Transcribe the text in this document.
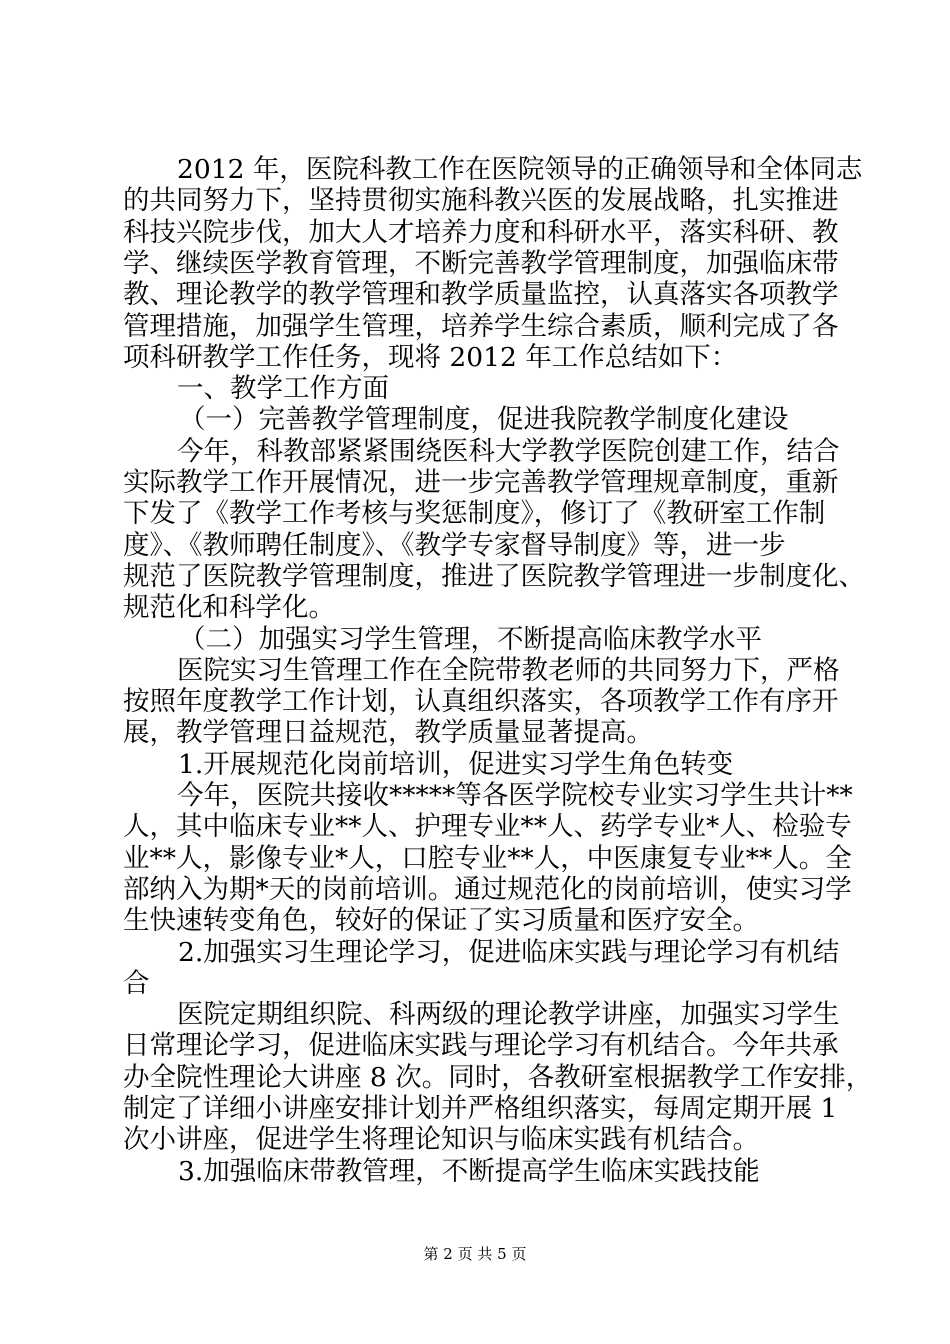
2012 年，医院科教工作在医院领导的正确领导和全体同志

的共同努力下，坚持贯彻实施科教兴医的发展战略，扎实推进

科技兴院步伐，加大人才培养力度和科研水平，落实科研、教

学、继续医学教育管理，不断完善教学管理制度，加强临床带

教、理论教学的教学管理和教学质量监控，认真落实各项教学

管理措施，加强学生管理，培养学生综合素质，顺利完成了各

项科研教学工作任务，现将 2012 年工作总结如下：

一、教学工作方面

（一）完善教学管理制度，促进我院教学制度化建设

今年，科教部紧紧围绕医科大学教学医院创建工作，结合

实际教学工作开展情况，进一步完善教学管理规章制度，重新

下发了《教学工作考核与奖惩制度》，修订了《教研室工作制

度》、《教师聘任制度》、《教学专家督导制度》等，进一步

规范了医院教学管理制度，推进了医院教学管理进一步制度化、

规范化和科学化。

（二）加强实习学生管理，不断提高临床教学水平

医院实习生管理工作在全院带教老师的共同努力下，严格

按照年度教学工作计划，认真组织落实，各项教学工作有序开

展，教学管理日益规范，教学质量显著提高。

1.开展规范化岗前培训，促进实习学生角色转变

今年，医院共接收*****等各医学院校专业实习学生共计**

人，其中临床专业**人、护理专业**人、药学专业*人、检验专

业**人，影像专业*人，口腔专业**人，中医康复专业**人。全

部纳入为期*天的岗前培训。通过规范化的岗前培训，使实习学

生快速转变角色，较好的保证了实习质量和医疗安全。

2.加强实习生理论学习，促进临床实践与理论学习有机结

合

医院定期组织院、科两级的理论教学讲座，加强实习学生

日常理论学习，促进临床实践与理论学习有机结合。今年共承

办全院性理论大讲座 8 次。同时，各教研室根据教学工作安排，

制定了详细小讲座安排计划并严格组织落实，每周定期开展 1

次小讲座，促进学生将理论知识与临床实践有机结合。

3.加强临床带教管理，不断提高学生临床实践技能

第 2 页 共 5 页
